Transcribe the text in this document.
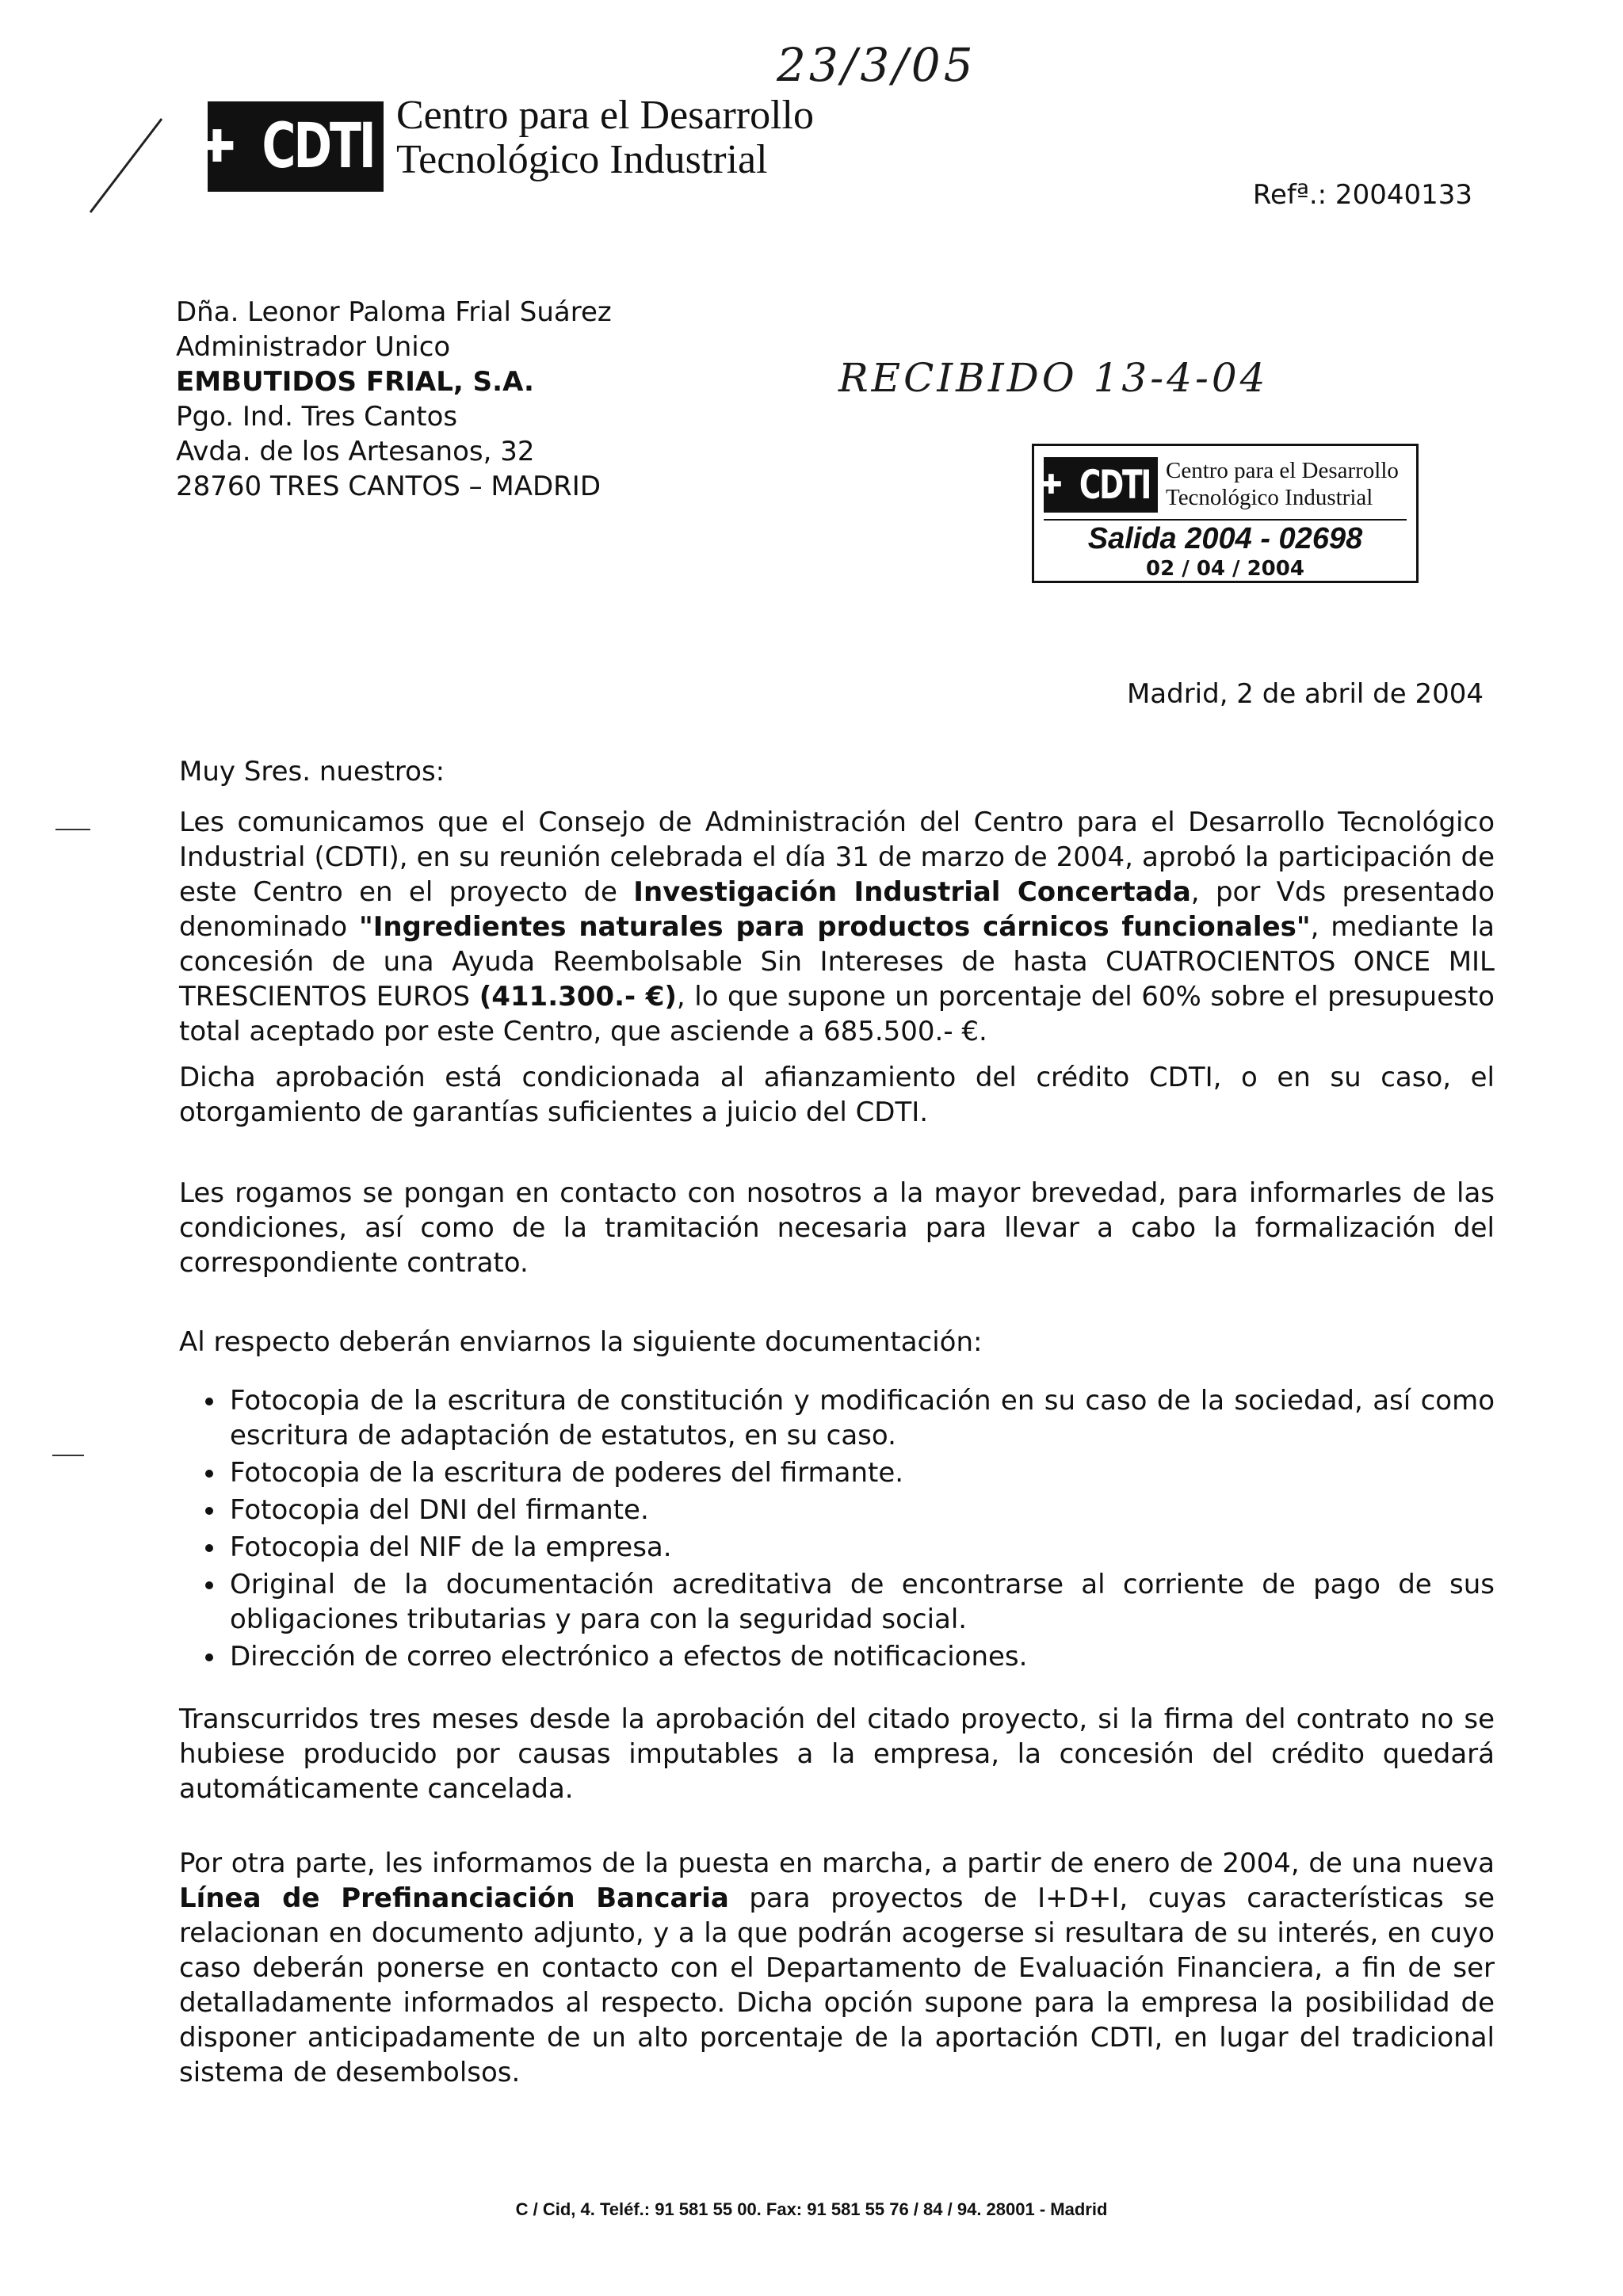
23/3/05
RECIBIDO 13-4-04
✚ CDTI Centro para el Desarrollo
Tecnológico Industrial
Refª.: 20040133
Dña. Leonor Paloma Frial Suárez
Administrador Unico
EMBUTIDOS FRIAL, S.A.
Pgo. Ind. Tres Cantos
Avda. de los Artesanos, 32
28760 TRES CANTOS – MADRID	✚ CDTI Centro para el Desarrollo
Tecnológico Industrial
Salida 2004 - 02698
02 / 04 / 2004
Madrid, 2 de abril de 2004
Muy Sres. nuestros:
Les comunicamos que el Consejo de Administración del Centro para el Desarrollo Tecnológico Industrial (CDTI), en su reunión celebrada el día 31 de marzo de 2004, aprobó la participación de este Centro en el proyecto de Investigación Industrial Concertada, por Vds presentado denominado "Ingredientes naturales para productos cárnicos funcionales", mediante la concesión de una Ayuda Reembolsable Sin Intereses de hasta CUATROCIENTOS ONCE MIL TRESCIENTOS EUROS (411.300.- €), lo que supone un porcentaje del 60% sobre el presupuesto total aceptado por este Centro, que asciende a 685.500.- €.
Dicha aprobación está condicionada al afianzamiento del crédito CDTI, o en su caso, el otorgamiento de garantías suficientes a juicio del CDTI.
Les rogamos se pongan en contacto con nosotros a la mayor brevedad, para informarles de las condiciones, así como de la tramitación necesaria para llevar a cabo la formalización del correspondiente contrato.
Al respecto deberán enviarnos la siguiente documentación:
• Fotocopia de la escritura de constitución y modificación en su caso de la sociedad, así como escritura de adaptación de estatutos, en su caso.
• Fotocopia de la escritura de poderes del firmante.
• Fotocopia del DNI del firmante.
• Fotocopia del NIF de la empresa.
• Original de la documentación acreditativa de encontrarse al corriente de pago de sus obligaciones tributarias y para con la seguridad social.
• Dirección de correo electrónico a efectos de notificaciones.
Transcurridos tres meses desde la aprobación del citado proyecto, si la firma del contrato no se hubiese producido por causas imputables a la empresa, la concesión del crédito quedará automáticamente cancelada.
Por otra parte, les informamos de la puesta en marcha, a partir de enero de 2004, de una nueva Línea de Prefinanciación Bancaria para proyectos de I+D+I, cuyas características se relacionan en documento adjunto, y a la que podrán acogerse si resultara de su interés, en cuyo caso deberán ponerse en contacto con el Departamento de Evaluación Financiera, a fin de ser detalladamente informados al respecto. Dicha opción supone para la empresa la posibilidad de disponer anticipadamente de un alto porcentaje de la aportación CDTI, en lugar del tradicional sistema de desembolsos.
C / Cid, 4. Teléf.: 91 581 55 00. Fax: 91 581 55 76 / 84 / 94. 28001 - Madrid
